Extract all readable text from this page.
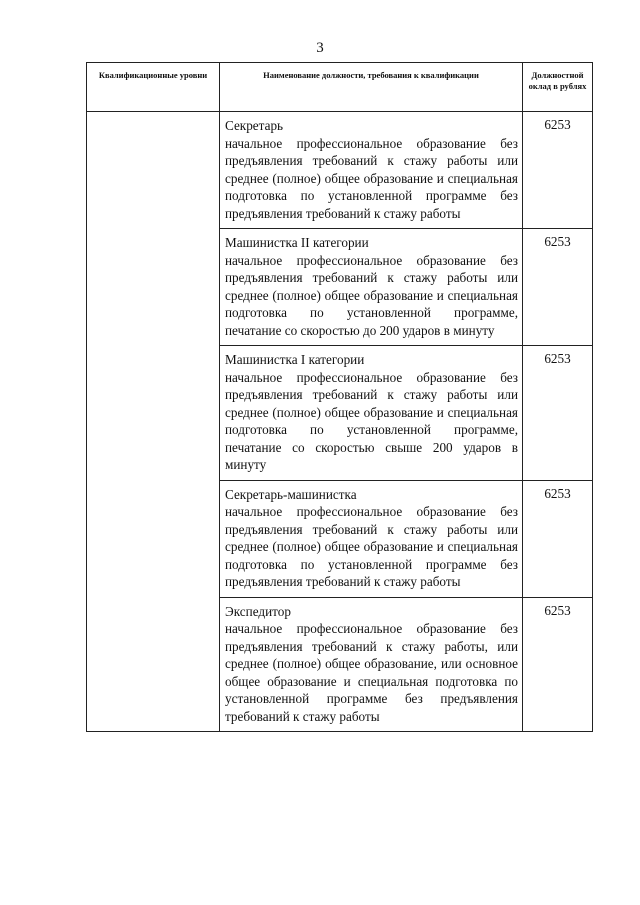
3
Квалификационные уровни	Наименование должности, требования к квалификации	Должностной оклад в рублях

	Секретарь
начальное профессиональное образование без предъявления требований к стажу работы или среднее (полное) общее образование и специальная подготовка по установленной программе без предъявления требований к стажу работы	6253

	Машинистка II категории
начальное профессиональное образование без предъявления требований к стажу работы или среднее (полное) общее образование и специальная подготовка по установленной программе, печатание со скоростью до 200 ударов в минуту	6253

	Машинистка I категории
начальное профессиональное образование без предъявления требований к стажу работы или среднее (полное) общее образование и специальная подготовка по установленной программе, печатание со скоростью свыше 200 ударов в минуту	6253

	Секретарь-машинистка
начальное профессиональное образование без предъявления требований к стажу работы или среднее (полное) общее образование и специальная подготовка по установленной программе без предъявления требований к стажу работы	6253

	Экспедитор
начальное профессиональное образование без предъявления требований к стажу работы, или среднее (полное) общее образование, или основное общее образование и специальная подготовка по установленной программе без предъявления требований к стажу работы	6253
